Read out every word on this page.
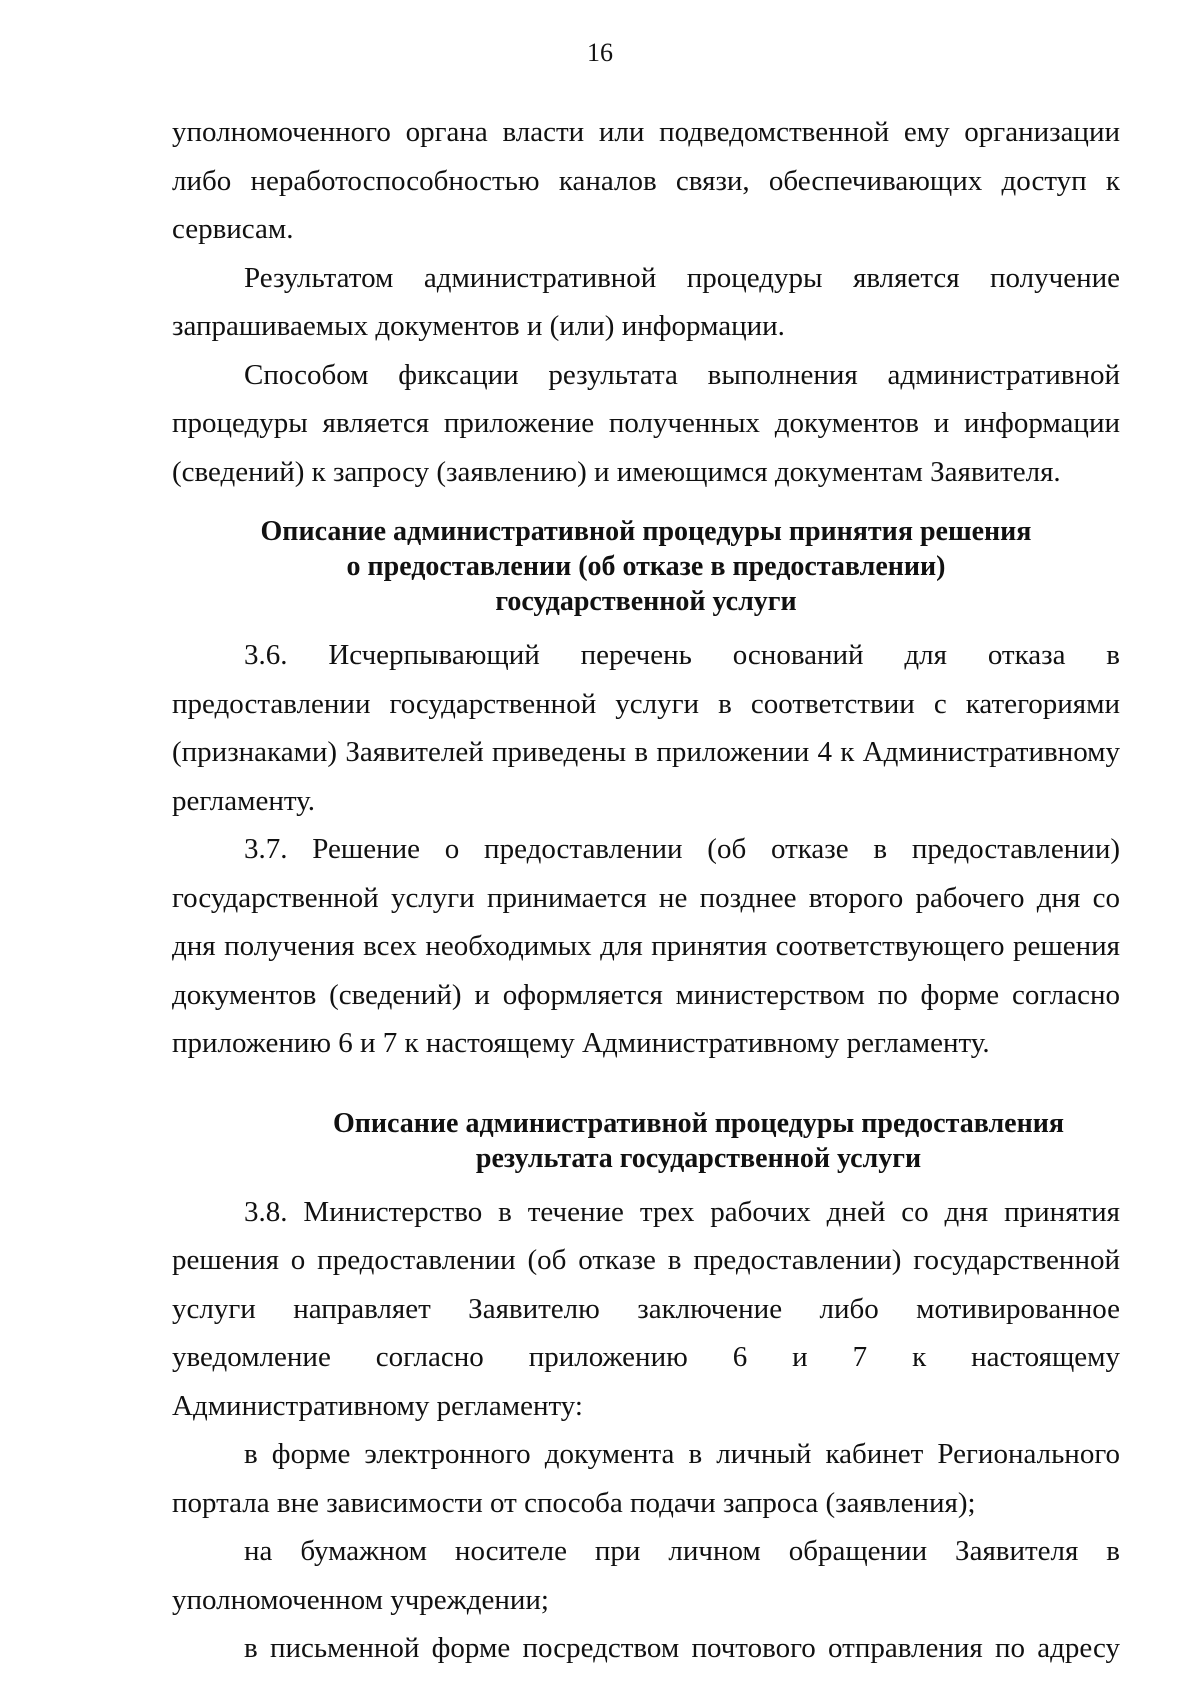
16

уполномоченного органа власти или подведомственной ему организации либо неработоспособностью каналов связи, обеспечивающих доступ к сервисам.

Результатом административной процедуры является получение запрашиваемых документов и (или) информации.

Способом фиксации результата выполнения административной процедуры является приложение полученных документов и информации (сведений) к запросу (заявлению) и имеющимся документам Заявителя.

Описание административной процедуры принятия решения
о предоставлении (об отказе в предоставлении)
государственной услуги

3.6. Исчерпывающий перечень оснований для отказа в предоставлении государственной услуги в соответствии с категориями (признаками) Заявителей приведены в приложении 4 к Административному регламенту.

3.7. Решение о предоставлении (об отказе в предоставлении) государственной услуги принимается не позднее второго рабочего дня со дня получения всех необходимых для принятия соответствующего решения документов (сведений) и оформляется министерством по форме согласно приложению 6 и 7 к настоящему Административному регламенту.

Описание административной процедуры предоставления
результата государственной услуги

3.8. Министерство в течение трех рабочих дней со дня принятия решения о предоставлении (об отказе в предоставлении) государственной услуги направляет Заявителю заключение либо мотивированное уведомление согласно приложению 6 и 7 к настоящему Административному регламенту:

в форме электронного документа в личный кабинет Регионального портала вне зависимости от способа подачи запроса (заявления);

на бумажном носителе при личном обращении Заявителя в уполномоченном учреждении;

в письменной форме посредством почтового отправления по адресу
